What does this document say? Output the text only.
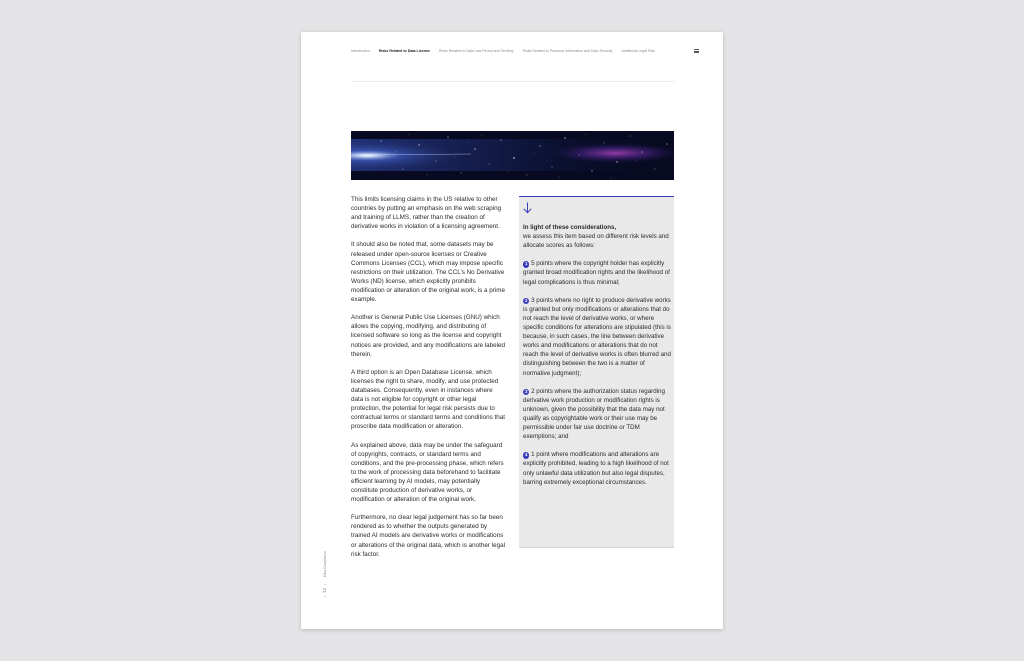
Introduction	Risks Related to Data License	Risks Related to Data Law Period and Territory	Risks Related to Personal Information and Data Security	Additional Legal Risk

This limits licensing claims in the US relative to other countries by putting an emphasis on the web scraping and training of LLMS, rather than the creation of derivative works in violation of a licensing agreement.

It should also be noted that, some datasets may be released under open-source licenses or Creative Commons Licenses (CCL), which may impose specific restrictions on their utilization. The CCL’s No Derivative Works (ND) license, which explicitly prohibits modification or alteration of the original work, is a prime example.

Another is General Public Use Licenses (GNU) which allows the copying, modifying, and distributing of licensed software so long as the license and copyright notices are provided, and any modifications are labeled therein.

A third option is an Open Database License, which licenses the right to share, modify, and use protected databases. Consequently, even in instances where data is not eligible for copyright or other legal protection, the potential for legal risk persists due to contractual terms or standard terms and conditions that proscribe data modification or alteration.

As explained above, data may be under the safeguard of copyrights, contracts, or standard terms and conditions, and the pre-processing phase, which refers to the work of processing data beforehand to facilitate efficient learning by AI models, may potentially constitute production of derivative works, or modification or alteration of the original work.

Furthermore, no clear legal judgement has so far been rendered as to whether the outputs generated by trained AI models are derivative works or modifications or alterations of the original data, which is another legal risk factor.

In light of these considerations,
we assess this item based on different risk levels and allocate scores as follows:

1 5 points where the copyright holder has explicitly granted broad modification rights and the likelihood of legal complications is thus minimal;

2 3 points where no right to produce derivative works is granted but only modifications or alterations that do not reach the level of derivative works, or where specific conditions for alterations are stipulated (this is because, in such cases, the line between derivative works and modifications or alterations that do not reach the level of derivative works is often blurred and distinguishing between the two is a matter of normative judgment);

3 2 points where the authorization status regarding derivative work production or modification rights is unknown, given the possibility that the data may not qualify as copyrightable work or their use may be permissible under fair use doctrine or TDM exemptions; and

4 1 point where modifications and alterations are explicitly prohibited, leading to a high likelihood of not only unlawful data utilization but also legal disputes, barring extremely exceptional circumstances.

Data Compliance
‹
12
›
